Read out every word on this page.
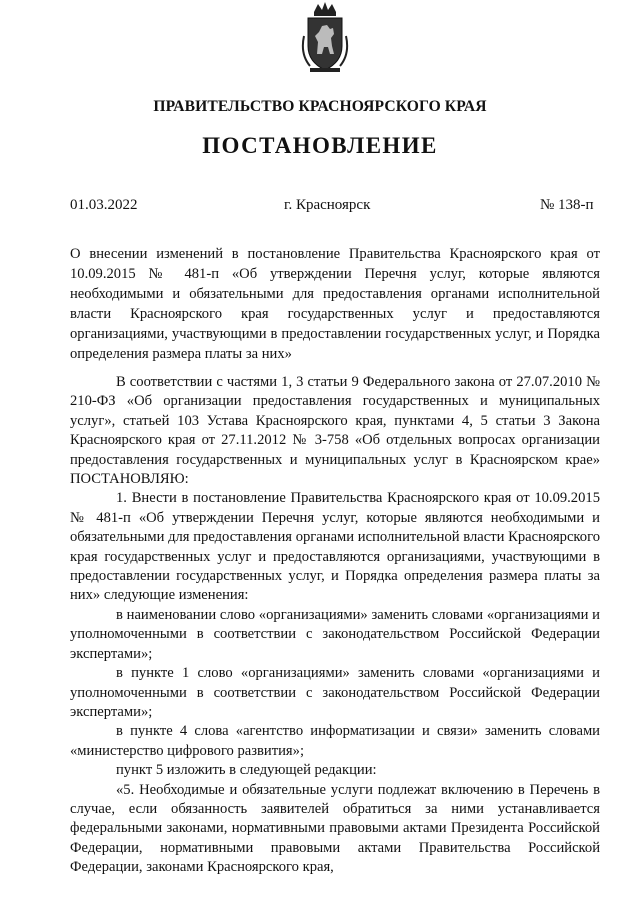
ПРАВИТЕЛЬСТВО КРАСНОЯРСКОГО КРАЯ
ПОСТАНОВЛЕНИЕ
01.03.2022	г. Красноярск	№ 138-п
О внесении изменений в постановление Правительства Красноярского края от 10.09.2015 № 481-п «Об утверждении Перечня услуг, которые являются необходимыми и обязательными для предоставления органами исполнительной власти Красноярского края государственных услуг и предоставляются организациями, участвующими в предоставлении государственных услуг, и Порядка определения размера платы за них»

В соответствии с частями 1, 3 статьи 9 Федерального закона от 27.07.2010 № 210-ФЗ «Об организации предоставления государственных и муниципальных услуг», статьей 103 Устава Красноярского края, пунктами 4, 5 статьи 3 Закона Красноярского края от 27.11.2012 № 3-758 «Об отдельных вопросах организации предоставления государственных и муниципальных услуг в Красноярском крае» ПОСТАНОВЛЯЮ:

1. Внести в постановление Правительства Красноярского края от 10.09.2015 № 481-п «Об утверждении Перечня услуг, которые являются необходимыми и обязательными для предоставления органами исполнительной власти Красноярского края государственных услуг и предоставляются организациями, участвующими в предоставлении государственных услуг, и Порядка определения размера платы за них» следующие изменения:

в наименовании слово «организациями» заменить словами «организациями и уполномоченными в соответствии с законодательством Российской Федерации экспертами»;

в пункте 1 слово «организациями» заменить словами «организациями и уполномоченными в соответствии с законодательством Российской Федерации экспертами»;

в пункте 4 слова «агентство информатизации и связи» заменить словами «министерство цифрового развития»;

пункт 5 изложить в следующей редакции:

«5. Необходимые и обязательные услуги подлежат включению в Перечень в случае, если обязанность заявителей обратиться за ними устанавливается федеральными законами, нормативными правовыми актами Президента Российской Федерации, нормативными правовыми актами Правительства Российской Федерации, законами Красноярского края,
